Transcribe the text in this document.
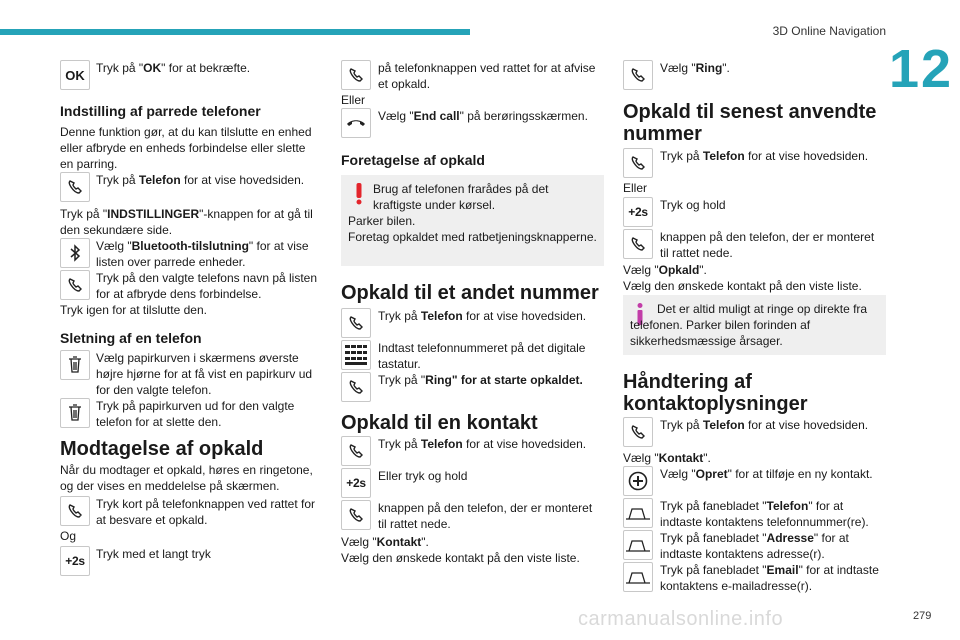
3D Online Navigation
12
OK Tryk på "OK" for at bekræfte.
Indstilling af parrede telefoner
Denne funktion gør, at du kan tilslutte en enhed eller afbryde en enheds forbindelse eller slette en parring.
Tryk på Telefon for at vise hovedsiden.
Tryk på "INDSTILLINGER"-knappen for at gå til den sekundære side.
Vælg "Bluetooth-tilslutning" for at vise listen over parrede enheder.
Tryk på den valgte telefons navn på listen for at afbryde dens forbindelse.
Tryk igen for at tilslutte den.
Sletning af en telefon
Vælg papirkurven i skærmens øverste højre hjørne for at få vist en papirkurv ud for den valgte telefon.
Tryk på papirkurven ud for den valgte telefon for at slette den.
Modtagelse af opkald
Når du modtager et opkald, høres en ringetone, og der vises en meddelelse på skærmen.
Tryk kort på telefonknappen ved rattet for at besvare et opkald.
Og
+2s Tryk med et langt tryk
på telefonknappen ved rattet for at afvise et opkald.
Eller
Vælg "End call" på berøringsskærmen.
Foretagelse af opkald
Brug af telefonen frarådes på det kraftigste under kørsel.
Parker bilen.
Foretag opkaldet med ratbetjeningsknapperne.
Opkald til et andet nummer
Tryk på Telefon for at vise hovedsiden.
Indtast telefonnummeret på det digitale tastatur.
Tryk på "Ring" for at starte opkaldet.
Opkald til en kontakt
Tryk på Telefon for at vise hovedsiden.
+2s Eller tryk og hold
knappen på den telefon, der er monteret til rattet nede.
Vælg "Kontakt".
Vælg den ønskede kontakt på den viste liste.
Vælg "Ring".
Opkald til senest anvendte nummer
Tryk på Telefon for at vise hovedsiden.
Eller
+2s Tryk og hold
knappen på den telefon, der er monteret til rattet nede.
Vælg "Opkald".
Vælg den ønskede kontakt på den viste liste.
Det er altid muligt at ringe op direkte fra telefonen. Parker bilen forinden af sikkerhedsmæssige årsager.
Håndtering af kontaktoplysninger
Tryk på Telefon for at vise hovedsiden.
Vælg "Kontakt".
Vælg "Opret" for at tilføje en ny kontakt.
Tryk på fanebladet "Telefon" for at indtaste kontaktens telefonnummer(re).
Tryk på fanebladet "Adresse" for at indtaste kontaktens adresse(r).
Tryk på fanebladet "Email" for at indtaste kontaktens e-mailadresse(r).
carmanualsonline.info	279
